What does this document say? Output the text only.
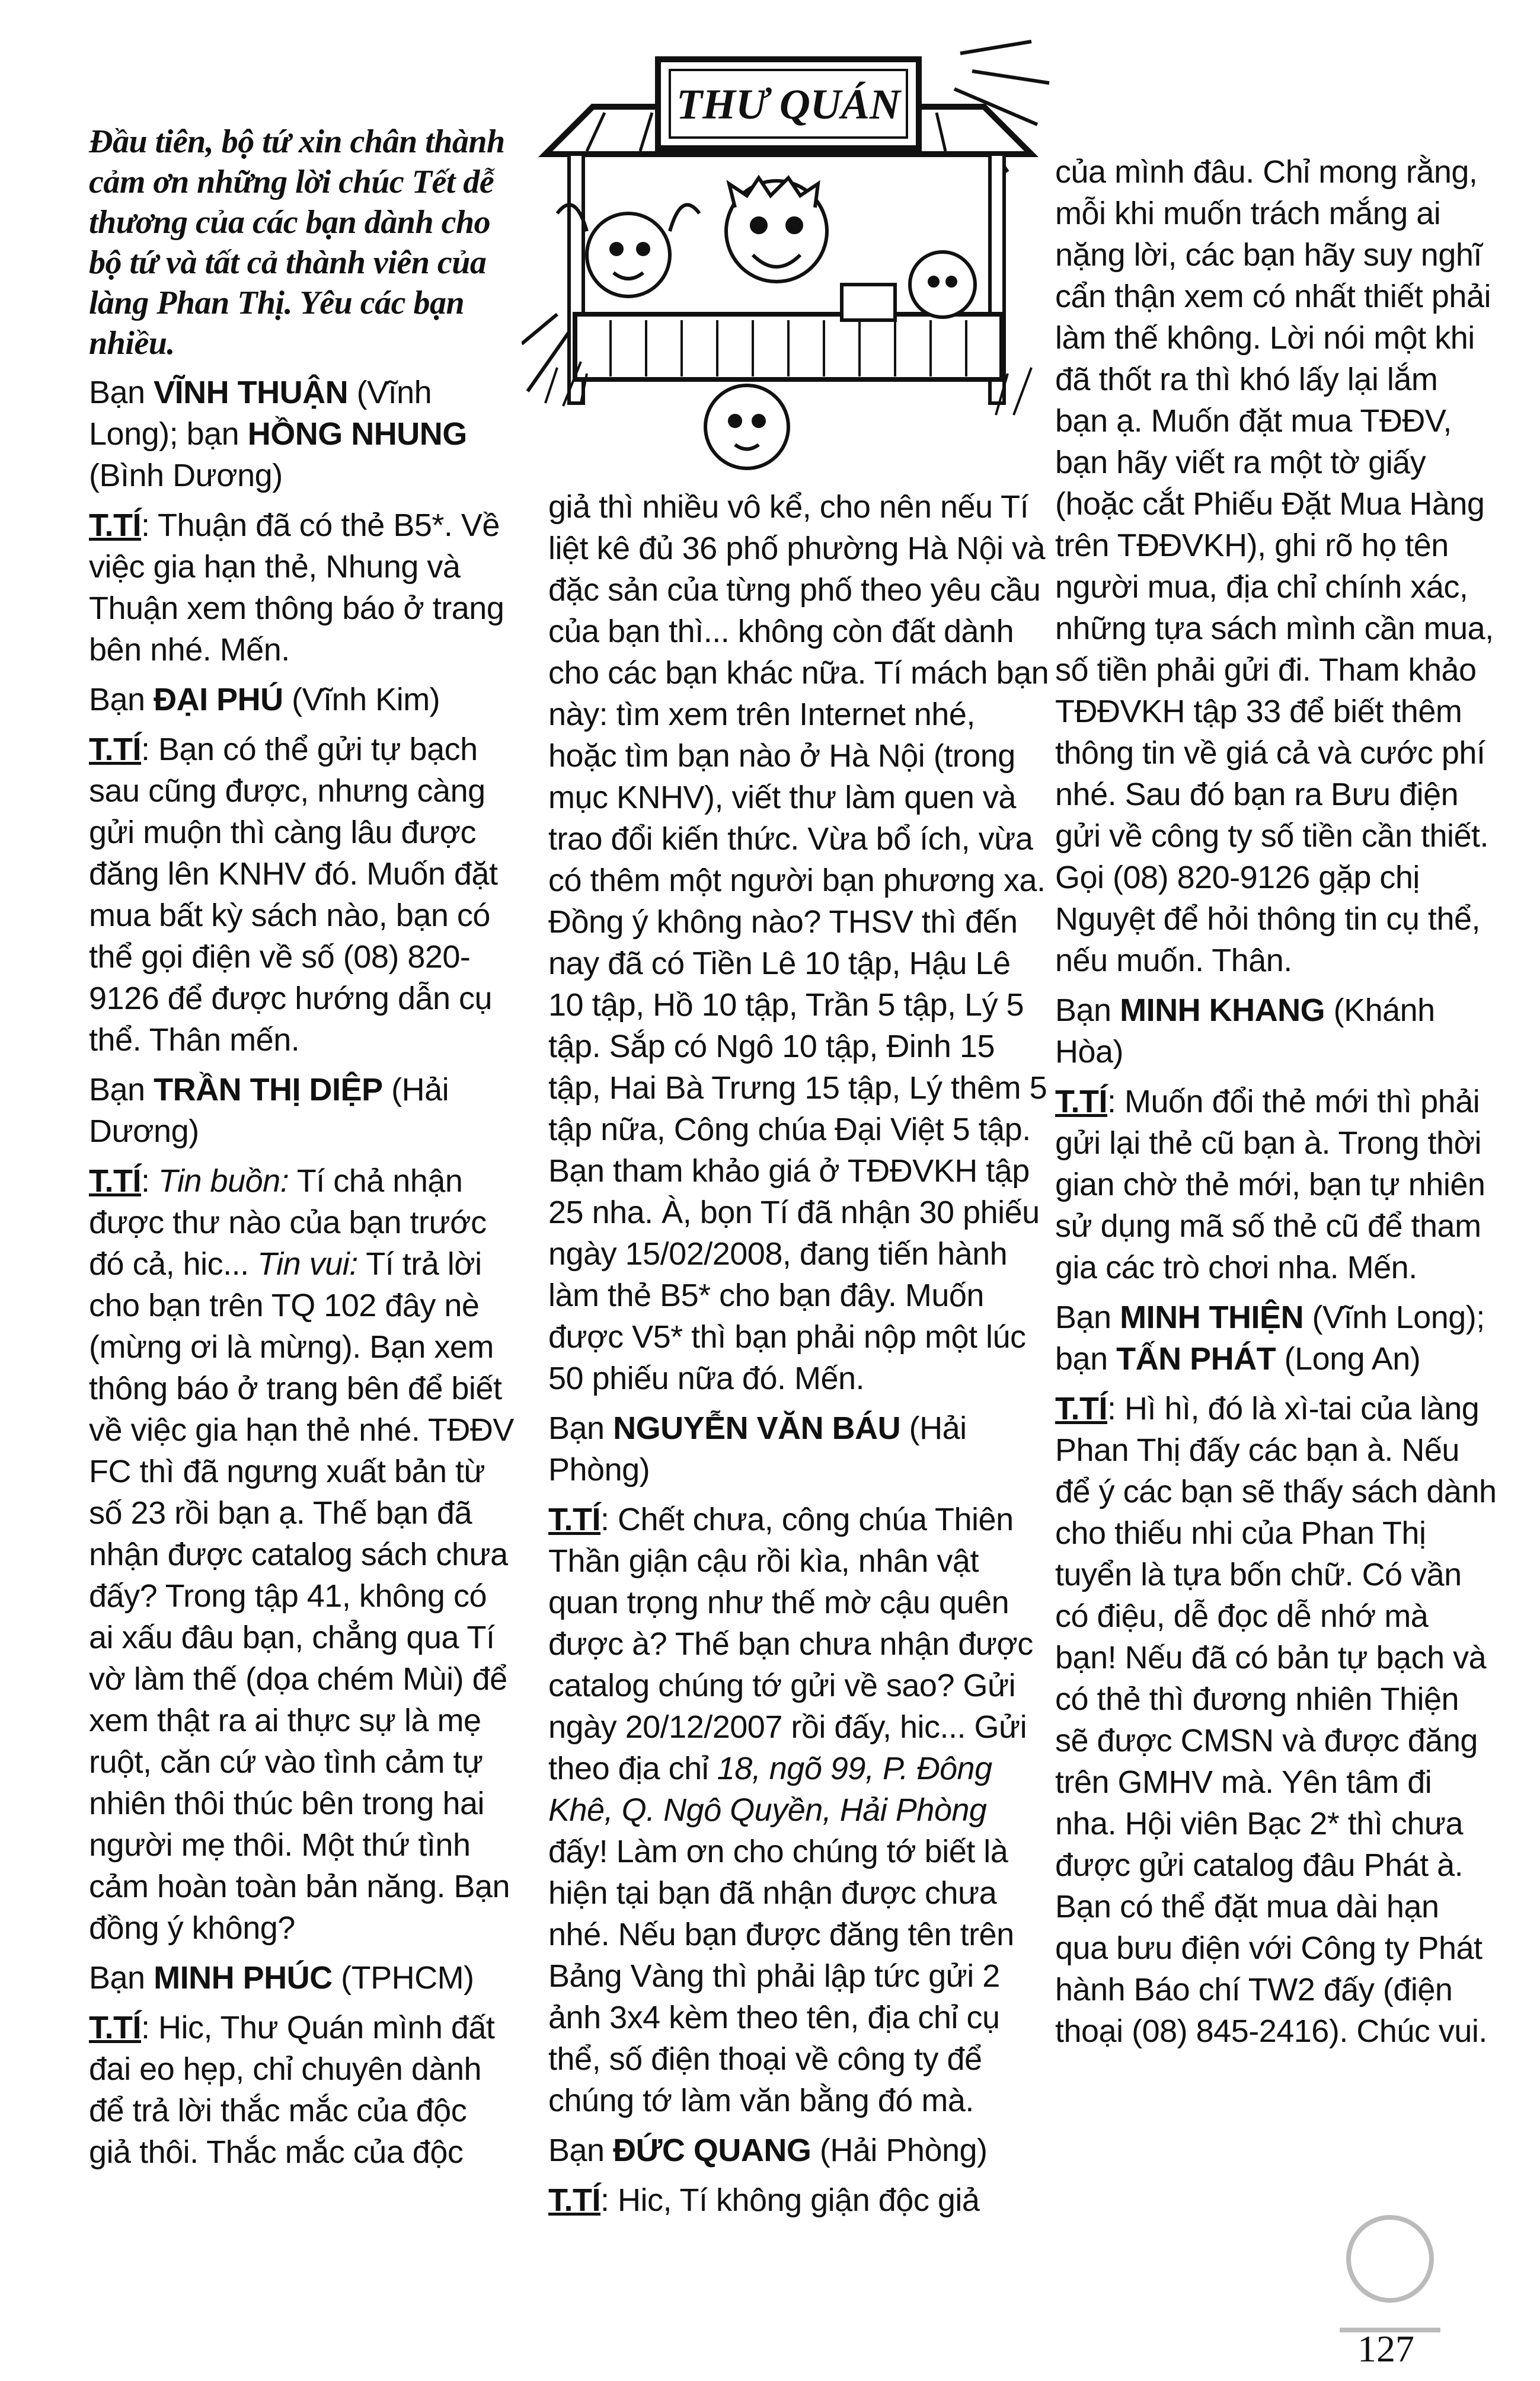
THƯ QUÁN

Đầu tiên, bộ tứ xin chân thành cảm ơn những lời chúc Tết dễ thương của các bạn dành cho bộ tứ và tất cả thành viên của làng Phan Thị. Yêu các bạn nhiều.

Bạn VĨNH THUẬN (Vĩnh Long); bạn HỒNG NHUNG (Bình Dương)

T.TÍ: Thuận đã có thẻ B5*. Về việc gia hạn thẻ, Nhung và Thuận xem thông báo ở trang bên nhé. Mến.

Bạn ĐẠI PHÚ (Vĩnh Kim)

T.TÍ: Bạn có thể gửi tự bạch sau cũng được, nhưng càng gửi muộn thì càng lâu được đăng lên KNHV đó. Muốn đặt mua bất kỳ sách nào, bạn có thể gọi điện về số (08) 820-9126 để được hướng dẫn cụ thể. Thân mến.

Bạn TRẦN THỊ DIỆP (Hải Dương)

T.TÍ: Tin buồn: Tí chả nhận được thư nào của bạn trước đó cả, hic... Tin vui: Tí trả lời cho bạn trên TQ 102 đây nè (mừng ơi là mừng). Bạn xem thông báo ở trang bên để biết về việc gia hạn thẻ nhé. TĐĐV FC thì đã ngưng xuất bản từ số 23 rồi bạn ạ. Thế bạn đã nhận được catalog sách chưa đấy? Trong tập 41, không có ai xấu đâu bạn, chẳng qua Tí vờ làm thế (dọa chém Mùi) để xem thật ra ai thực sự là mẹ ruột, căn cứ vào tình cảm tự nhiên thôi thúc bên trong hai người mẹ thôi. Một thứ tình cảm hoàn toàn bản năng. Bạn đồng ý không?

Bạn MINH PHÚC (TPHCM)

T.TÍ: Hic, Thư Quán mình đất đai eo hẹp, chỉ chuyên dành để trả lời thắc mắc của độc giả thôi. Thắc mắc của độc

giả thì nhiều vô kể, cho nên nếu Tí liệt kê đủ 36 phố phường Hà Nội và đặc sản của từng phố theo yêu cầu của bạn thì... không còn đất dành cho các bạn khác nữa. Tí mách bạn này: tìm xem trên Internet nhé, hoặc tìm bạn nào ở Hà Nội (trong mục KNHV), viết thư làm quen và trao đổi kiến thức. Vừa bổ ích, vừa có thêm một người bạn phương xa. Đồng ý không nào? THSV thì đến nay đã có Tiền Lê 10 tập, Hậu Lê 10 tập, Hồ 10 tập, Trần 5 tập, Lý 5 tập. Sắp có Ngô 10 tập, Đinh 15 tập, Hai Bà Trưng 15 tập, Lý thêm 5 tập nữa, Công chúa Đại Việt 5 tập. Bạn tham khảo giá ở TĐĐVKH tập 25 nha. À, bọn Tí đã nhận 30 phiếu ngày 15/02/2008, đang tiến hành làm thẻ B5* cho bạn đây. Muốn được V5* thì bạn phải nộp một lúc 50 phiếu nữa đó. Mến.

Bạn NGUYỄN VĂN BÁU (Hải Phòng)

T.TÍ: Chết chưa, công chúa Thiên Thần giận cậu rồi kìa, nhân vật quan trọng như thế mờ cậu quên được à? Thế bạn chưa nhận được catalog chúng tớ gửi về sao? Gửi ngày 20/12/2007 rồi đấy, hic... Gửi theo địa chỉ 18, ngõ 99, P. Đông Khê, Q. Ngô Quyền, Hải Phòng đấy! Làm ơn cho chúng tớ biết là hiện tại bạn đã nhận được chưa nhé. Nếu bạn được đăng tên trên Bảng Vàng thì phải lập tức gửi 2 ảnh 3x4 kèm theo tên, địa chỉ cụ thể, số điện thoại về công ty để chúng tớ làm văn bằng đó mà.

Bạn ĐỨC QUANG (Hải Phòng)

T.TÍ: Hic, Tí không giận độc giả

của mình đâu. Chỉ mong rằng, mỗi khi muốn trách mắng ai nặng lời, các bạn hãy suy nghĩ cẩn thận xem có nhất thiết phải làm thế không. Lời nói một khi đã thốt ra thì khó lấy lại lắm bạn ạ. Muốn đặt mua TĐĐV, bạn hãy viết ra một tờ giấy (hoặc cắt Phiếu Đặt Mua Hàng trên TĐĐVKH), ghi rõ họ tên người mua, địa chỉ chính xác, những tựa sách mình cần mua, số tiền phải gửi đi. Tham khảo TĐĐVKH tập 33 để biết thêm thông tin về giá cả và cước phí nhé. Sau đó bạn ra Bưu điện gửi về công ty số tiền cần thiết. Gọi (08) 820-9126 gặp chị Nguyệt để hỏi thông tin cụ thể, nếu muốn. Thân.

Bạn MINH KHANG (Khánh Hòa)

T.TÍ: Muốn đổi thẻ mới thì phải gửi lại thẻ cũ bạn à. Trong thời gian chờ thẻ mới, bạn tự nhiên sử dụng mã số thẻ cũ để tham gia các trò chơi nha. Mến.

Bạn MINH THIỆN (Vĩnh Long); bạn TẤN PHÁT (Long An)

T.TÍ: Hì hì, đó là xì-tai của làng Phan Thị đấy các bạn à. Nếu để ý các bạn sẽ thấy sách dành cho thiếu nhi của Phan Thị tuyển là tựa bốn chữ. Có vần có điệu, dễ đọc dễ nhớ mà bạn! Nếu đã có bản tự bạch và có thẻ thì đương nhiên Thiện sẽ được CMSN và được đăng trên GMHV mà. Yên tâm đi nha. Hội viên Bạc 2* thì chưa được gửi catalog đâu Phát à. Bạn có thể đặt mua dài hạn qua bưu điện với Công ty Phát hành Báo chí TW2 đấy (điện thoại (08) 845-2416). Chúc vui.

127
